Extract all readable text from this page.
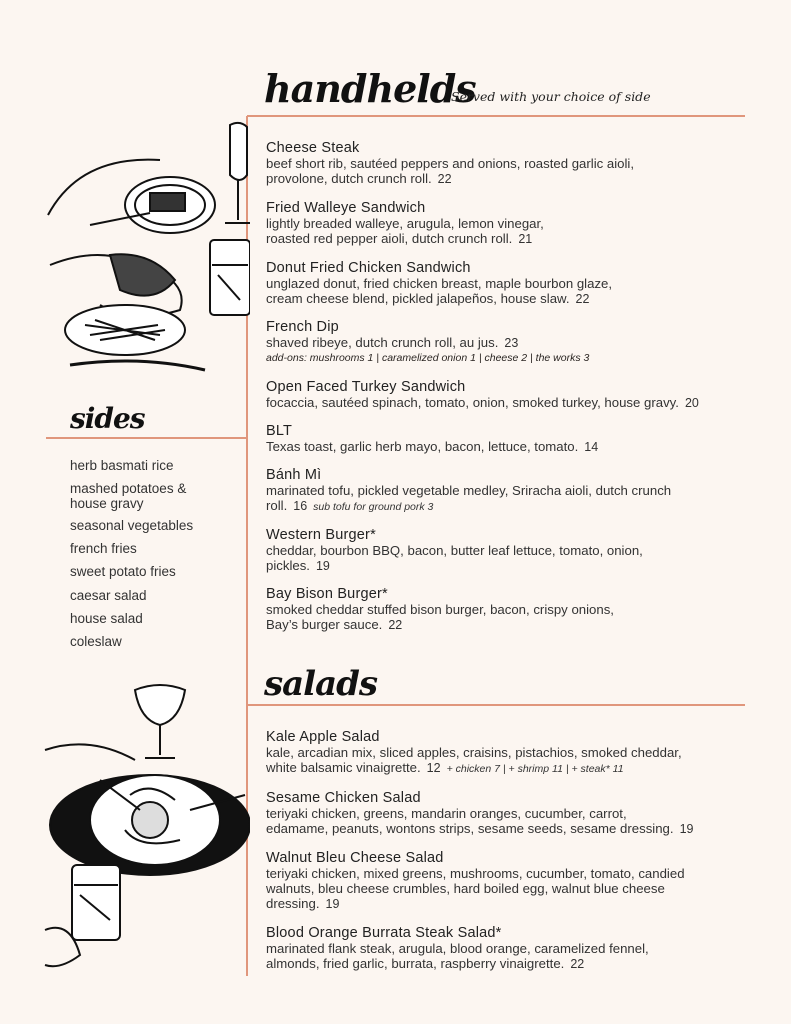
handhelds
Served with your choice of side
sides
salads
Cheese Steak
beef short rib, sautéed peppers and onions, roasted garlic aioli,
provolone, dutch crunch roll. 22
Fried Walleye Sandwich
lightly breaded walleye, arugula, lemon vinegar,
roasted red pepper aioli, dutch crunch roll. 21
Donut Fried Chicken Sandwich
unglazed donut, fried chicken breast, maple bourbon glaze,
cream cheese blend, pickled jalapeños, house slaw. 22
French Dip
shaved ribeye, dutch crunch roll, au jus. 23
add-ons: mushrooms 1 | caramelized onion 1 | cheese 2 | the works 3
Open Faced Turkey Sandwich
focaccia, sautéed spinach, tomato, onion, smoked turkey, house gravy. 20
BLT
Texas toast, garlic herb mayo, bacon, lettuce, tomato. 14
Bánh Mì
marinated tofu, pickled vegetable medley, Sriracha aioli, dutch crunch
roll. 16 sub tofu for ground pork 3
Western Burger*
cheddar, bourbon BBQ, bacon, butter leaf lettuce, tomato, onion,
pickles. 19
Bay Bison Burger*
smoked cheddar stuffed bison burger, bacon, crispy onions,
Bay’s burger sauce. 22
Kale Apple Salad
kale, arcadian mix, sliced apples, craisins, pistachios, smoked cheddar,
white balsamic vinaigrette. 12 + chicken 7 | + shrimp 11 | + steak* 11
Sesame Chicken Salad
teriyaki chicken, greens, mandarin oranges, cucumber, carrot,
edamame, peanuts, wontons strips, sesame seeds, sesame dressing. 19
Walnut Bleu Cheese Salad
teriyaki chicken, mixed greens, mushrooms, cucumber, tomato, candied
walnuts, bleu cheese crumbles, hard boiled egg, walnut blue cheese
dressing. 19
Blood Orange Burrata Steak Salad*
marinated flank steak, arugula, blood orange, caramelized fennel,
almonds, fried garlic, burrata, raspberry vinaigrette. 22
herb basmati rice
mashed potatoes & house gravy
seasonal vegetables
french fries
sweet potato fries
caesar salad
house salad
coleslaw
